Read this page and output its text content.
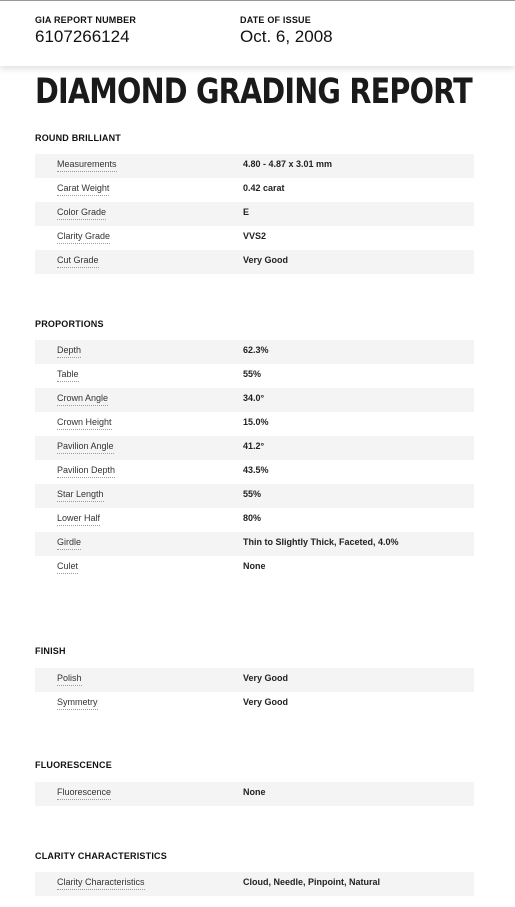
GIA REPORT NUMBER
6107266124
DATE OF ISSUE
Oct. 6, 2008
DIAMOND GRADING REPORT
ROUND BRILLIANT
Measurements	4.80 - 4.87 x 3.01 mm
Carat Weight	0.42 carat
Color Grade	E
Clarity Grade	VVS2
Cut Grade	Very Good
PROPORTIONS
Depth	62.3%
Table	55%
Crown Angle	34.0°
Crown Height	15.0%
Pavilion Angle	41.2°
Pavilion Depth	43.5%
Star Length	55%
Lower Half	80%
Girdle	Thin to Slightly Thick, Faceted, 4.0%
Culet	None
FINISH
Polish	Very Good
Symmetry	Very Good
FLUORESCENCE
Fluorescence	None
CLARITY CHARACTERISTICS
Clarity Characteristics	Cloud, Needle, Pinpoint, Natural
